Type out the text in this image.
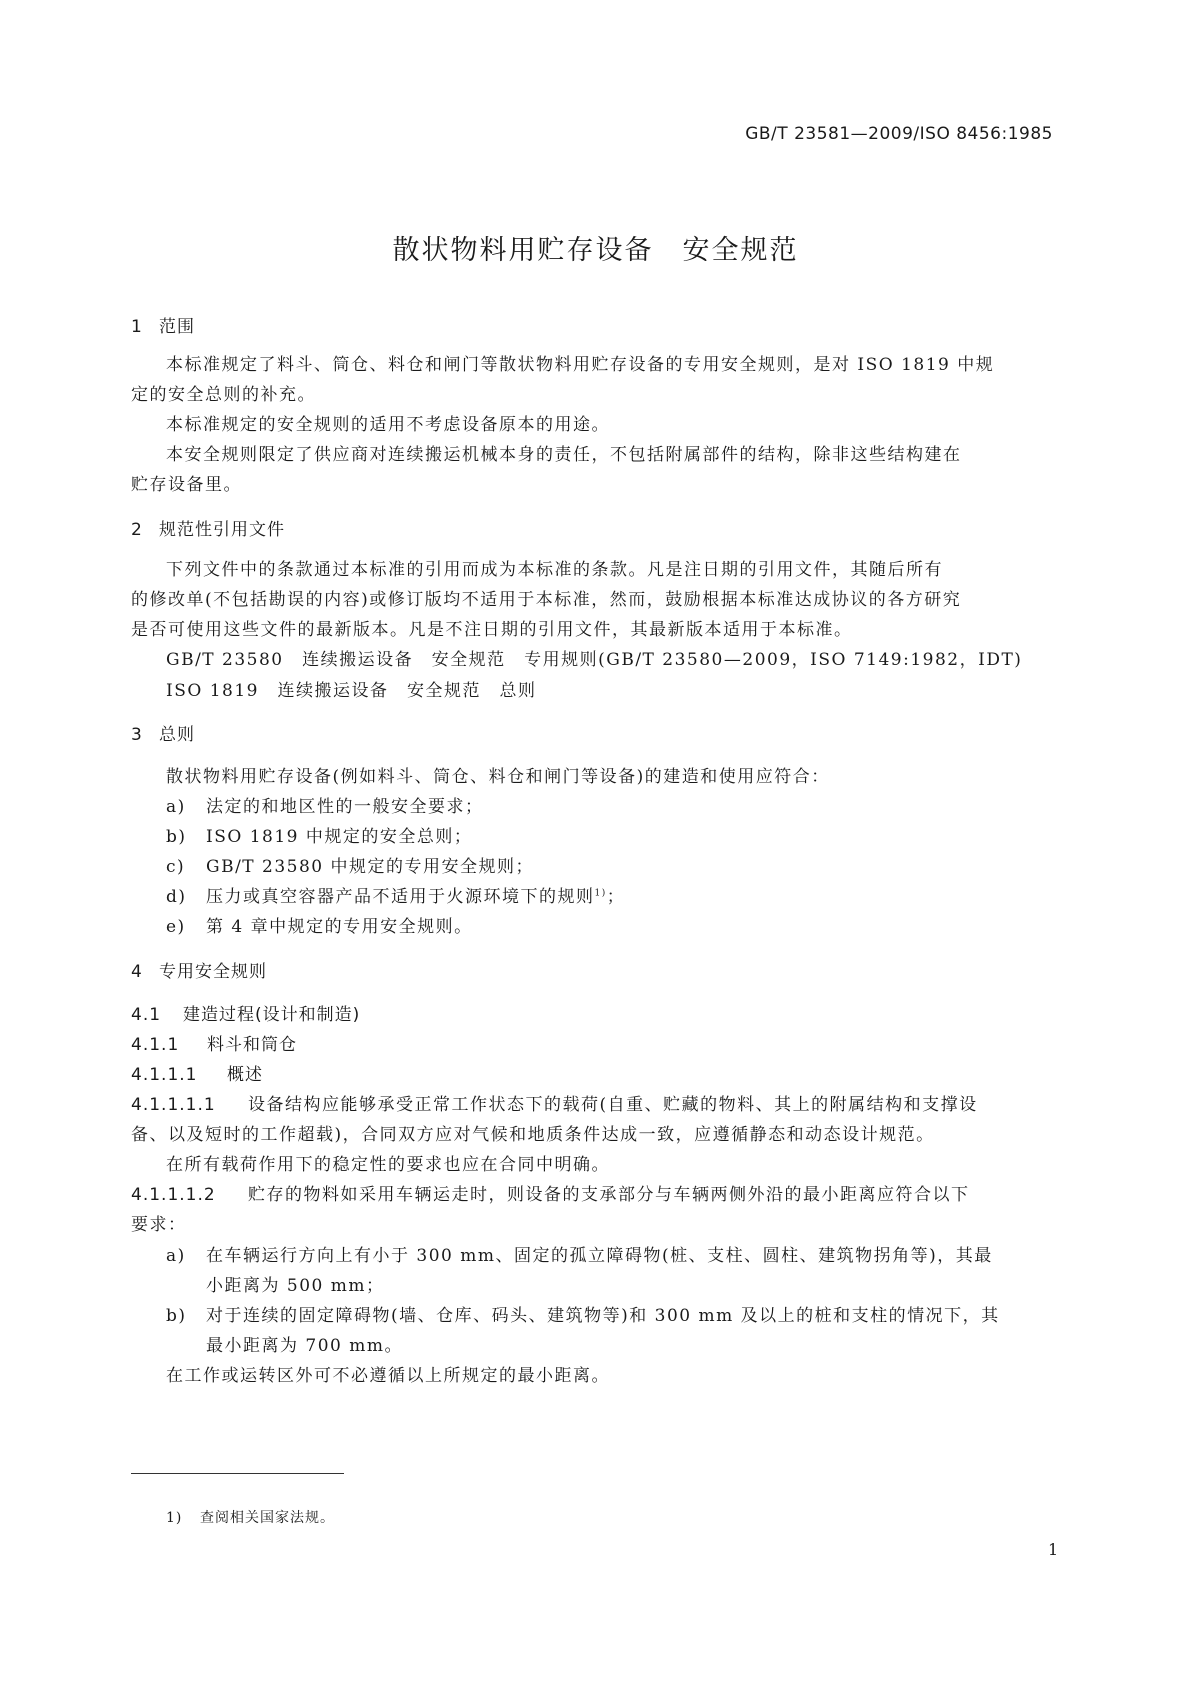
GB/T 23581—2009/ISO 8456:1985
散状物料用贮存设备　安全规范
1 范围
本标准规定了料斗、筒仓、料仓和闸门等散状物料用贮存设备的专用安全规则，是对 ISO 1819 中规
定的安全总则的补充。
本标准规定的安全规则的适用不考虑设备原本的用途。
本安全规则限定了供应商对连续搬运机械本身的责任，不包括附属部件的结构，除非这些结构建在
贮存设备里。
2 规范性引用文件
下列文件中的条款通过本标准的引用而成为本标准的条款。凡是注日期的引用文件，其随后所有
的修改单(不包括勘误的内容)或修订版均不适用于本标准，然而，鼓励根据本标准达成协议的各方研究
是否可使用这些文件的最新版本。凡是不注日期的引用文件，其最新版本适用于本标准。
GB/T 23580　连续搬运设备　安全规范　专用规则(GB/T 23580—2009，ISO 7149:1982，IDT)
ISO 1819　连续搬运设备　安全规范　总则
3 总则
散状物料用贮存设备(例如料斗、筒仓、料仓和闸门等设备)的建造和使用应符合：
a) 法定的和地区性的一般安全要求；
b) ISO 1819 中规定的安全总则；
c) GB/T 23580 中规定的专用安全规则；
d) 压力或真空容器产品不适用于火源环境下的规则$^{1)}$；
e) 第 4 章中规定的专用安全规则。
4 专用安全规则
4.1 建造过程(设计和制造)
4.1.1 料斗和筒仓
4.1.1.1 概述
4.1.1.1.1 设备结构应能够承受正常工作状态下的载荷(自重、贮藏的物料、其上的附属结构和支撑设
备、以及短时的工作超载)，合同双方应对气候和地质条件达成一致，应遵循静态和动态设计规范。
在所有载荷作用下的稳定性的要求也应在合同中明确。
4.1.1.1.2 贮存的物料如采用车辆运走时，则设备的支承部分与车辆两侧外沿的最小距离应符合以下
要求：
a) 在车辆运行方向上有小于 300 mm、固定的孤立障碍物(桩、支柱、圆柱、建筑物拐角等)，其最
小距离为 500 mm；
b) 对于连续的固定障碍物(墙、仓库、码头、建筑物等)和 300 mm 及以上的桩和支柱的情况下，其
最小距离为 700 mm。
在工作或运转区外可不必遵循以上所规定的最小距离。
1) 查阅相关国家法规。
1
